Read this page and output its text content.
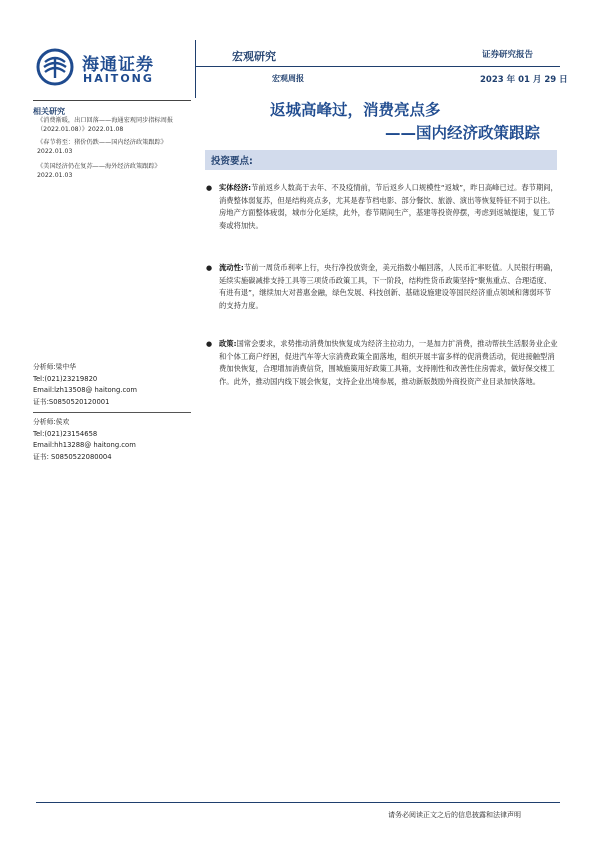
海通证券
HAITONG
宏观研究	证券研究报告
宏观周报	2023 年 01 月 29 日
返城高峰过，消费亮点多
——国内经济政策跟踪
相关研究
《消费渐暖，出口回落——海通宏观同步指标周报（2022.01.08）》2022.01.08
《春节将至：猪价仍跌——国内经济政策跟踪》2022.01.03
《美国经济仍在复苏——海外经济政策跟踪》2022.01.03
分析师:梁中华
Tel:(021)23219820
Email:lzh13508@ haitong.com
证书:S0850520120001
分析师:侯欢
Tel:(021)23154658
Email:hh13288@ haitong.com
证书: S0850522080004
投资要点:
● 实体经济:节前返乡人数高于去年、不及疫情前，节后返乡人口规模性“返城”，昨日高峰已过。春节期间，消费整体弱复苏，但是结构亮点多，尤其是春节档电影、部分餐饮、旅游、演出等恢复特征不同于以往。房地产方面整体疲弱，城市分化延续，此外，春节期间生产，基建等投资停摆，考虑到返城提速，复工节奏或将加快。
● 流动性:节前一周货币利率上行，央行净投放资金，美元指数小幅回落，人民币汇率贬值。人民银行明确，延续实施碳减排支持工具等三项货币政策工具，下一阶段，结构性货币政策坚持“聚焦重点、合理适度、有进有退”，继续加大对普惠金融，绿色发展、科技创新、基础设施建设等国民经济重点领域和薄弱环节的支持力度。
● 政策:国常会要求，求势推动消费加快恢复成为经济主拉动力，一是加力扩消费，推动帮扶生活服务业企业和个体工商户纾困，促进汽车等大宗消费政策全面落地，组织开展丰富多样的促消费活动，促进接触型消费加快恢复，合理增加消费信贷，围城施策用好政策工具箱，支持刚性和改善性住房需求，做好保交楼工作。此外，推动国内线下展会恢复，支持企业出境参展，推动新版鼓励外商投资产业目录加快落地。
请务必阅读正文之后的信息披露和法律声明
